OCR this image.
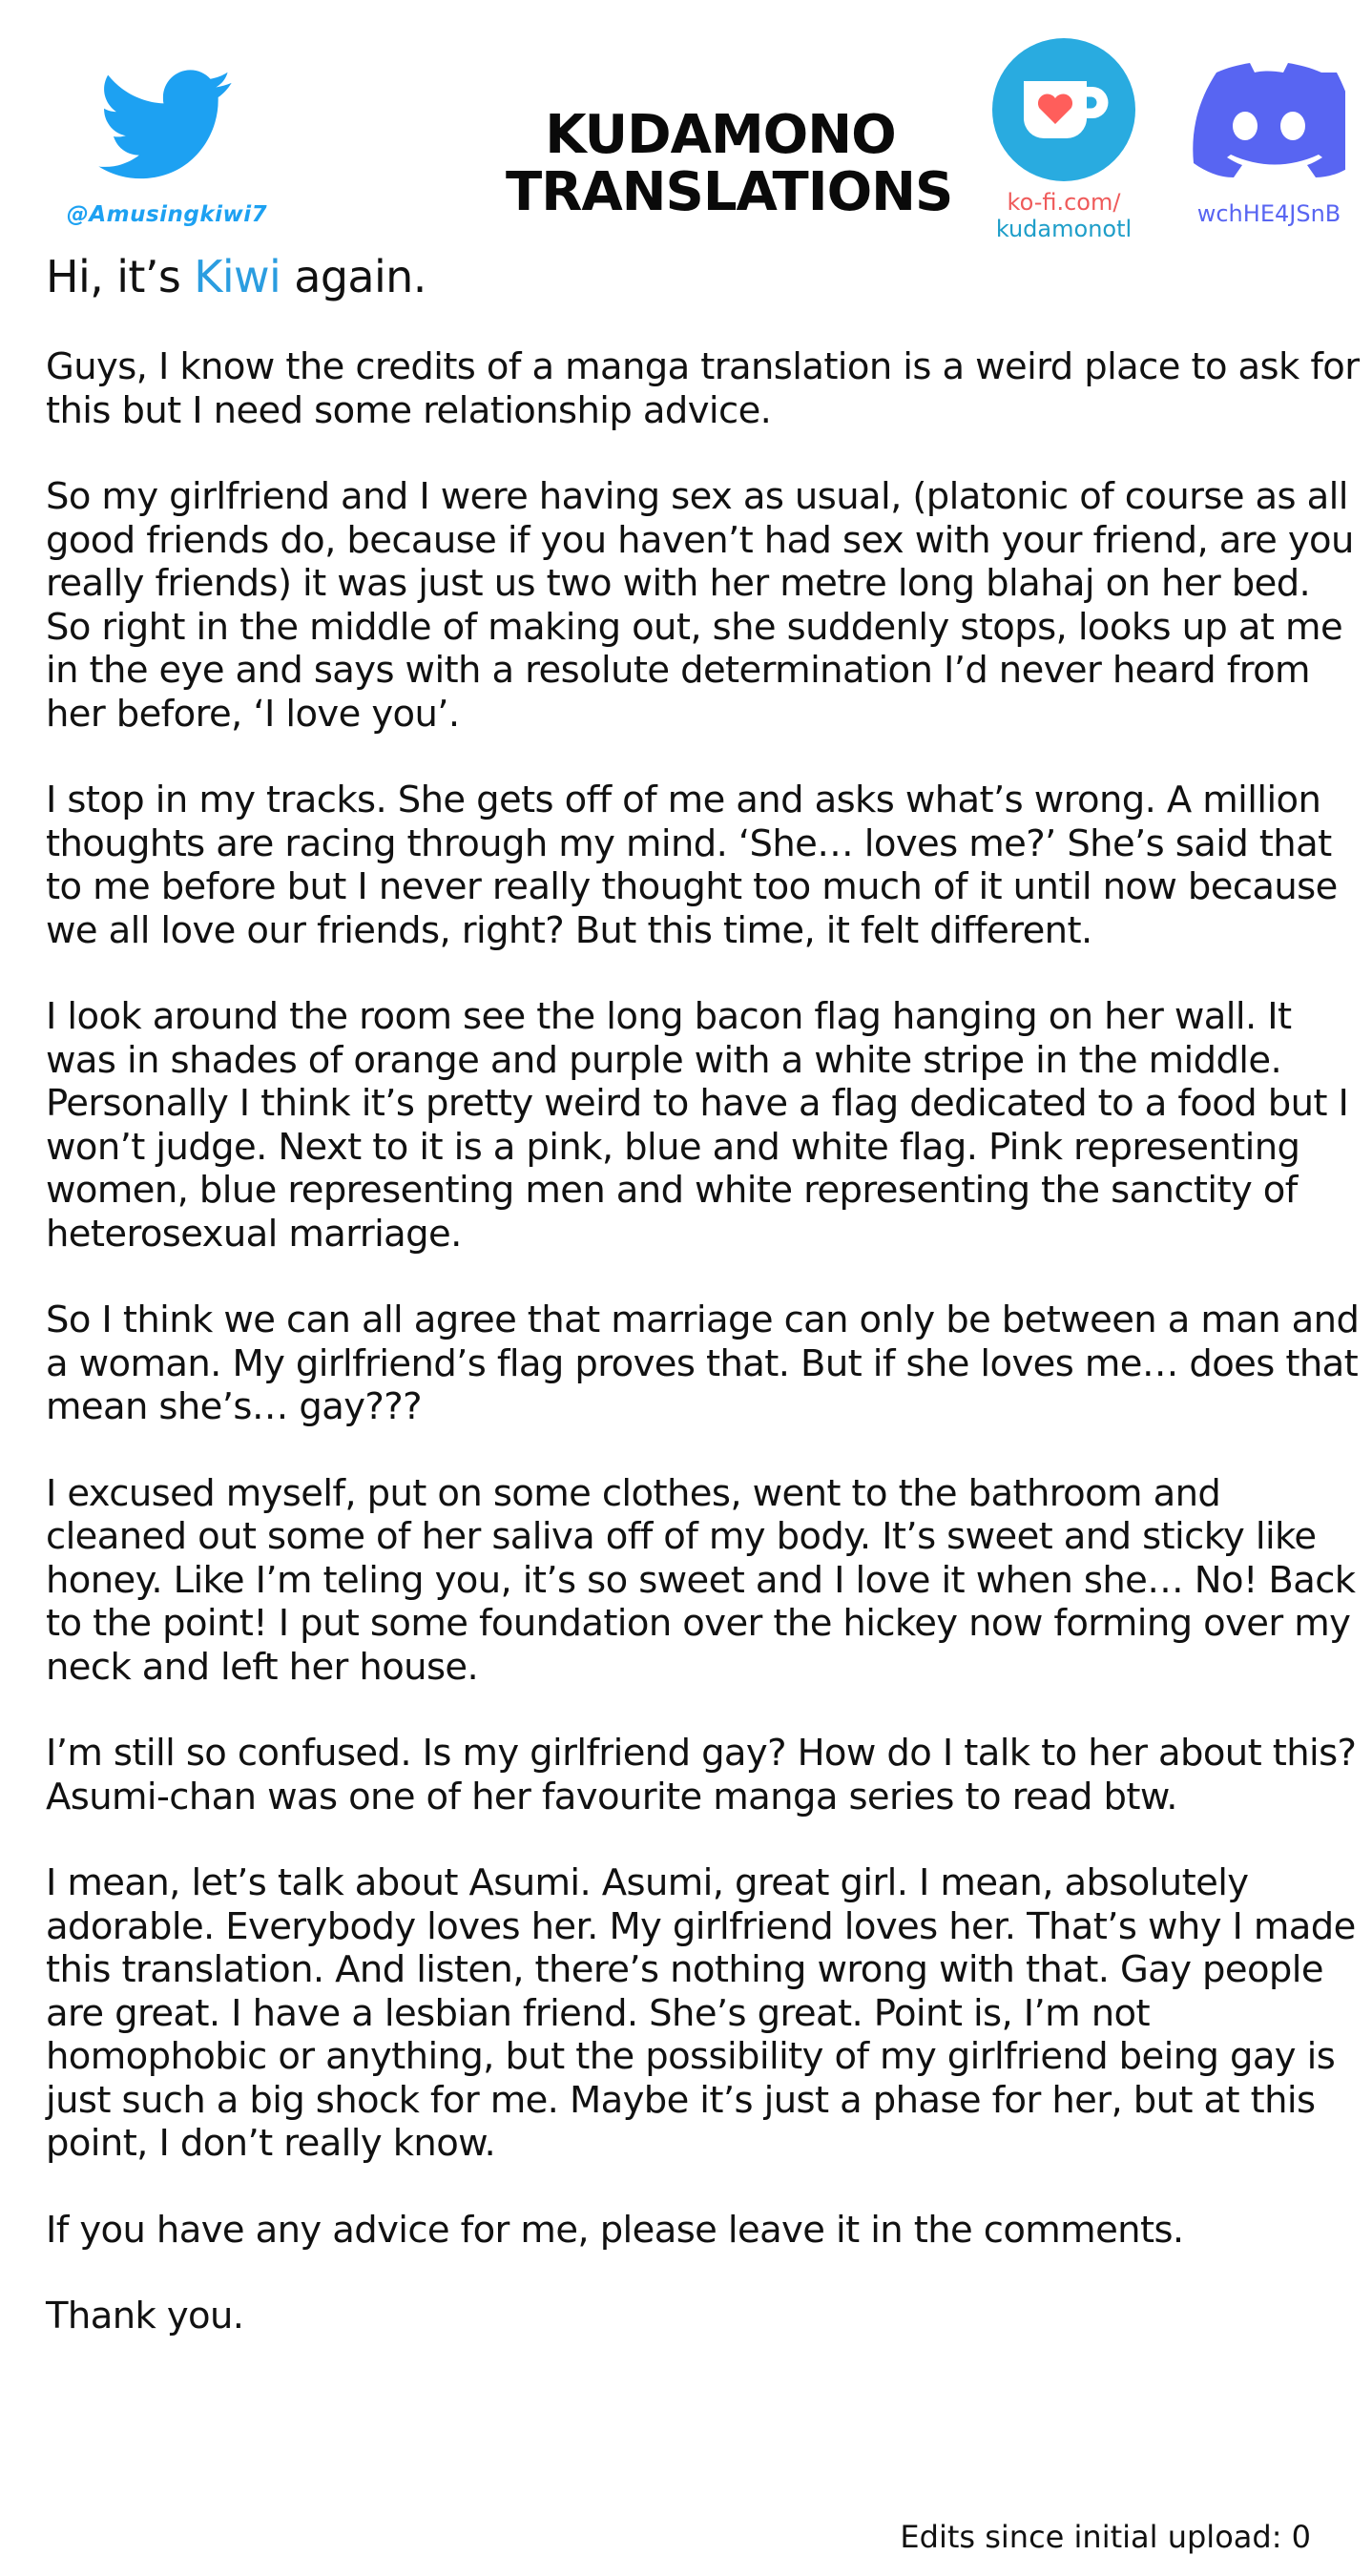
@Amusingkiwi7
KUDAMONO
TRANSLATIONS	ko-fi.com/
kudamonotl
wchHE4JSnB

Hi, it’s Kiwi again.

Guys, I know the credits of a manga translation is a weird place to ask for this but I need some relationship advice.

So my girlfriend and I were having sex as usual, (platonic of course as all good friends do, because if you haven’t had sex with your friend, are you really friends) it was just us two with her metre long blahaj on her bed. So right in the middle of making out, she suddenly stops, looks up at me in the eye and says with a resolute determination I’d never heard from her before, ‘I love you’.

I stop in my tracks. She gets off of me and asks what’s wrong. A million thoughts are racing through my mind. ‘She… loves me?’ She’s said that to me before but I never really thought too much of it until now because we all love our friends, right? But this time, it felt different.

I look around the room see the long bacon flag hanging on her wall. It was in shades of orange and purple with a white stripe in the middle. Personally I think it’s pretty weird to have a flag dedicated to a food but I won’t judge. Next to it is a pink, blue and white flag. Pink representing women, blue representing men and white representing the sanctity of heterosexual marriage.

So I think we can all agree that marriage can only be between a man and a woman. My girlfriend’s flag proves that. But if she loves me… does that mean she’s… gay???

I excused myself, put on some clothes, went to the bathroom and cleaned out some of her saliva off of my body. It’s sweet and sticky like honey. Like I’m teling you, it’s so sweet and I love it when she… No! Back to the point! I put some foundation over the hickey now forming over my neck and left her house.

I’m still so confused. Is my girlfriend gay? How do I talk to her about this? Asumi-chan was one of her favourite manga series to read btw.

I mean, let’s talk about Asumi. Asumi, great girl. I mean, absolutely adorable. Everybody loves her. My girlfriend loves her. That’s why I made this translation. And listen, there’s nothing wrong with that. Gay people are great. I have a lesbian friend. She’s great. Point is, I’m not homophobic or anything, but the possibility of my girlfriend being gay is just such a big shock for me. Maybe it’s just a phase for her, but at this point, I don’t really know.

If you have any advice for me, please leave it in the comments.

Thank you.

Edits since initial upload: 0
